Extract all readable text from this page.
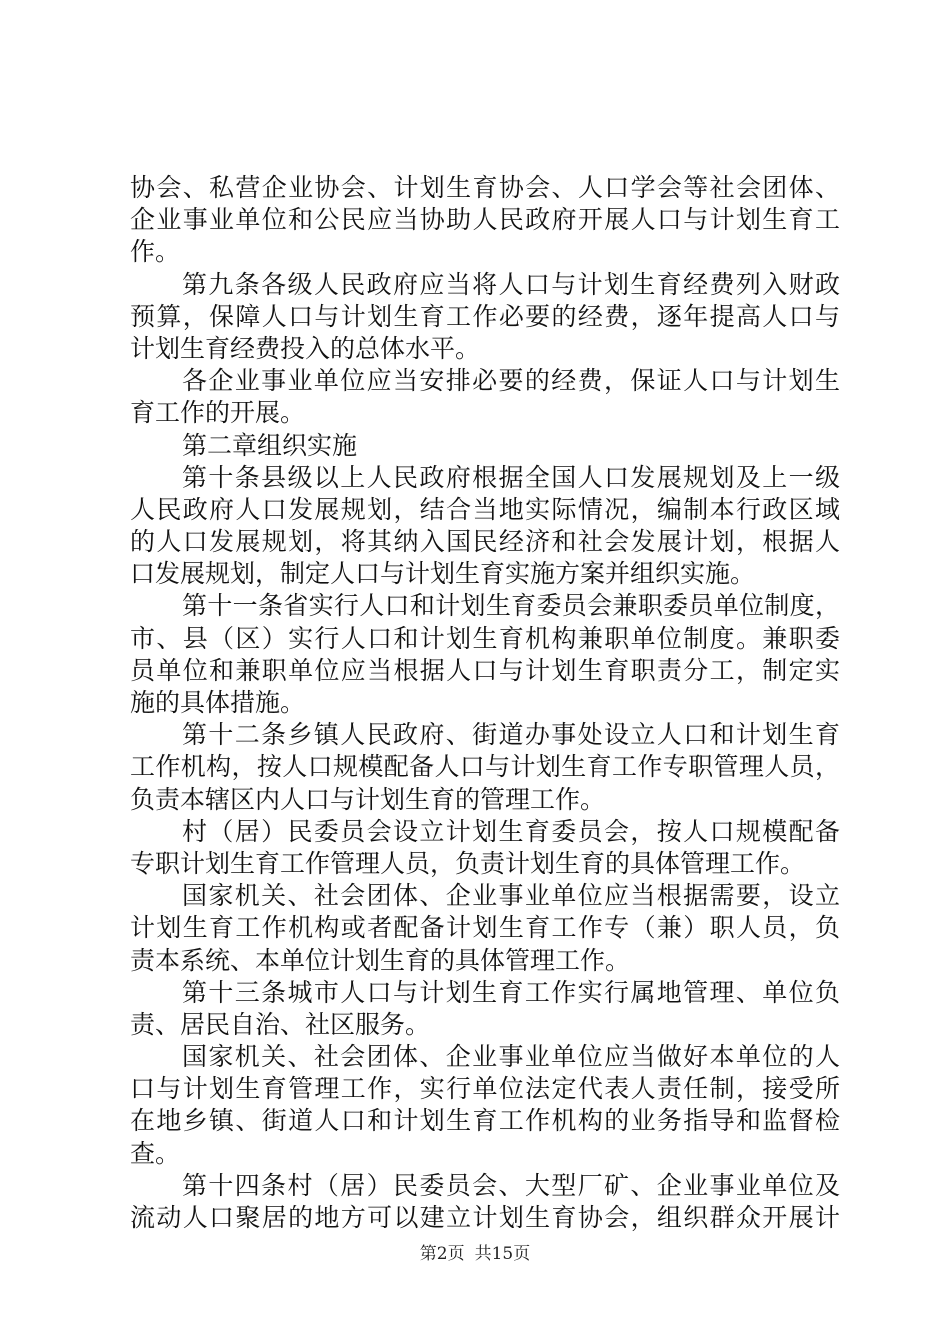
协会、私营企业协会、计划生育协会、人口学会等社会团体、
企业事业单位和公民应当协助人民政府开展人口与计划生育工
作。
第九条各级人民政府应当将人口与计划生育经费列入财政
预算，保障人口与计划生育工作必要的经费，逐年提高人口与
计划生育经费投入的总体水平。
各企业事业单位应当安排必要的经费，保证人口与计划生
育工作的开展。
第二章组织实施
第十条县级以上人民政府根据全国人口发展规划及上一级
人民政府人口发展规划，结合当地实际情况，编制本行政区域
的人口发展规划，将其纳入国民经济和社会发展计划，根据人
口发展规划，制定人口与计划生育实施方案并组织实施。
第十一条省实行人口和计划生育委员会兼职委员单位制度，
市、县（区）实行人口和计划生育机构兼职单位制度。兼职委
员单位和兼职单位应当根据人口与计划生育职责分工，制定实
施的具体措施。
第十二条乡镇人民政府、街道办事处设立人口和计划生育
工作机构，按人口规模配备人口与计划生育工作专职管理人员，
负责本辖区内人口与计划生育的管理工作。
村（居）民委员会设立计划生育委员会，按人口规模配备
专职计划生育工作管理人员，负责计划生育的具体管理工作。
国家机关、社会团体、企业事业单位应当根据需要，设立
计划生育工作机构或者配备计划生育工作专（兼）职人员，负
责本系统、本单位计划生育的具体管理工作。
第十三条城市人口与计划生育工作实行属地管理、单位负
责、居民自治、社区服务。
国家机关、社会团体、企业事业单位应当做好本单位的人
口与计划生育管理工作，实行单位法定代表人责任制，接受所
在地乡镇、街道人口和计划生育工作机构的业务指导和监督检
查。
第十四条村（居）民委员会、大型厂矿、企业事业单位及
流动人口聚居的地方可以建立计划生育协会，组织群众开展计
第2页 共15页
